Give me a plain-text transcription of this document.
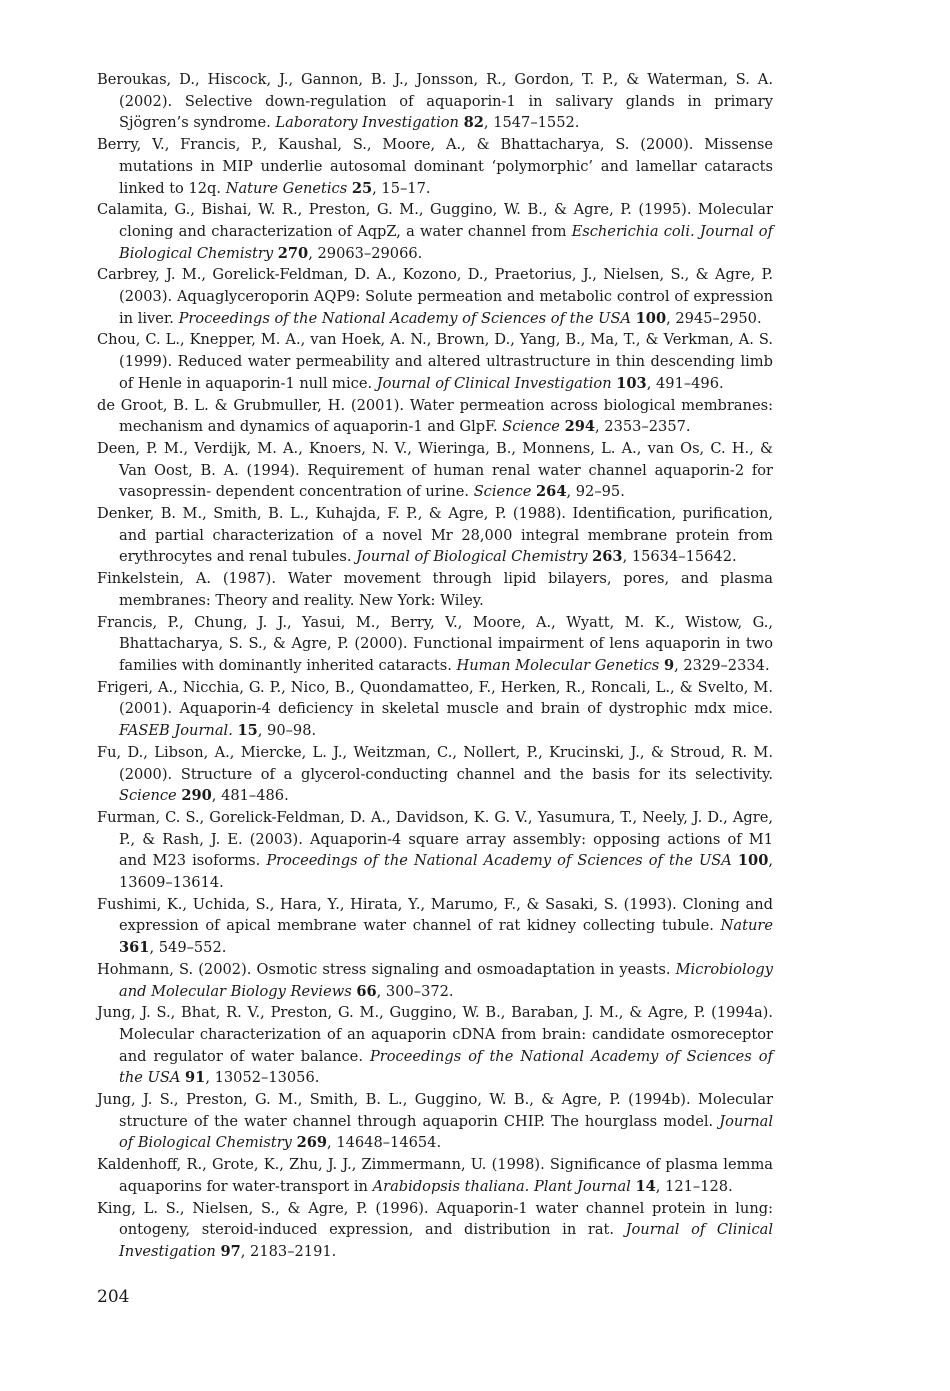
Beroukas, D., Hiscock, J., Gannon, B. J., Jonsson, R., Gordon, T. P., & Waterman, S. A. (2002). Selective down-regulation of aquaporin-1 in salivary glands in primary Sjögren’s syndrome. Laboratory Investigation 82, 1547–1552.

Berry, V., Francis, P., Kaushal, S., Moore, A., & Bhattacharya, S. (2000). Missense mutations in MIP underlie autosomal dominant ‘polymorphic’ and lamellar cataracts linked to 12q. Nature Genetics 25, 15–17.

Calamita, G., Bishai, W. R., Preston, G. M., Guggino, W. B., & Agre, P. (1995). Molecular cloning and characterization of AqpZ, a water channel from Escherichia coli. Journal of Biological Chemistry 270, 29063–29066.

Carbrey, J. M., Gorelick-Feldman, D. A., Kozono, D., Praetorius, J., Nielsen, S., & Agre, P. (2003). Aquaglyceroporin AQP9: Solute permeation and metabolic control of expression in liver. Proceedings of the National Academy of Sciences of the USA 100, 2945–2950.

Chou, C. L., Knepper, M. A., van Hoek, A. N., Brown, D., Yang, B., Ma, T., & Verkman, A. S. (1999). Reduced water permeability and altered ultrastructure in thin descending limb of Henle in aquaporin-1 null mice. Journal of Clinical Investigation 103, 491–496.

de Groot, B. L. & Grubmuller, H. (2001). Water permeation across biological membranes: mechanism and dynamics of aquaporin-1 and GlpF. Science 294, 2353–2357.

Deen, P. M., Verdijk, M. A., Knoers, N. V., Wieringa, B., Monnens, L. A., van Os, C. H., & Van Oost, B. A. (1994). Requirement of human renal water channel aquaporin-2 for vasopressin- dependent concentration of urine. Science 264, 92–95.

Denker, B. M., Smith, B. L., Kuhajda, F. P., & Agre, P. (1988). Identification, purification, and partial characterization of a novel Mr 28,000 integral membrane protein from erythrocytes and renal tubules. Journal of Biological Chemistry 263, 15634–15642.

Finkelstein, A. (1987). Water movement through lipid bilayers, pores, and plasma membranes: Theory and reality. New York: Wiley.

Francis, P., Chung, J. J., Yasui, M., Berry, V., Moore, A., Wyatt, M. K., Wistow, G., Bhattacharya, S. S., & Agre, P. (2000). Functional impairment of lens aquaporin in two families with dominantly inherited cataracts. Human Molecular Genetics 9, 2329–2334.

Frigeri, A., Nicchia, G. P., Nico, B., Quondamatteo, F., Herken, R., Roncali, L., & Svelto, M. (2001). Aquaporin-4 deficiency in skeletal muscle and brain of dystrophic mdx mice. FASEB Journal. 15, 90–98.

Fu, D., Libson, A., Miercke, L. J., Weitzman, C., Nollert, P., Krucinski, J., & Stroud, R. M. (2000). Structure of a glycerol-conducting channel and the basis for its selectivity. Science 290, 481–486.

Furman, C. S., Gorelick-Feldman, D. A., Davidson, K. G. V., Yasumura, T., Neely, J. D., Agre, P., & Rash, J. E. (2003). Aquaporin-4 square array assembly: opposing actions of M1 and M23 isoforms. Proceedings of the National Academy of Sciences of the USA 100, 13609–13614.

Fushimi, K., Uchida, S., Hara, Y., Hirata, Y., Marumo, F., & Sasaki, S. (1993). Cloning and expression of apical membrane water channel of rat kidney collecting tubule. Nature 361, 549–552.

Hohmann, S. (2002). Osmotic stress signaling and osmoadaptation in yeasts. Microbiology and Molecular Biology Reviews 66, 300–372.

Jung, J. S., Bhat, R. V., Preston, G. M., Guggino, W. B., Baraban, J. M., & Agre, P. (1994a). Molecular characterization of an aquaporin cDNA from brain: candidate osmoreceptor and regulator of water balance. Proceedings of the National Academy of Sciences of the USA 91, 13052–13056.

Jung, J. S., Preston, G. M., Smith, B. L., Guggino, W. B., & Agre, P. (1994b). Molecular structure of the water channel through aquaporin CHIP. The hourglass model. Journal of Biological Chemistry 269, 14648–14654.

Kaldenhoff, R., Grote, K., Zhu, J. J., Zimmermann, U. (1998). Significance of plasma lemma aquaporins for water-transport in Arabidopsis thaliana. Plant Journal 14, 121–128.

King, L. S., Nielsen, S., & Agre, P. (1996). Aquaporin-1 water channel protein in lung: ontogeny, steroid-induced expression, and distribution in rat. Journal of Clinical Investigation 97, 2183–2191.

204
